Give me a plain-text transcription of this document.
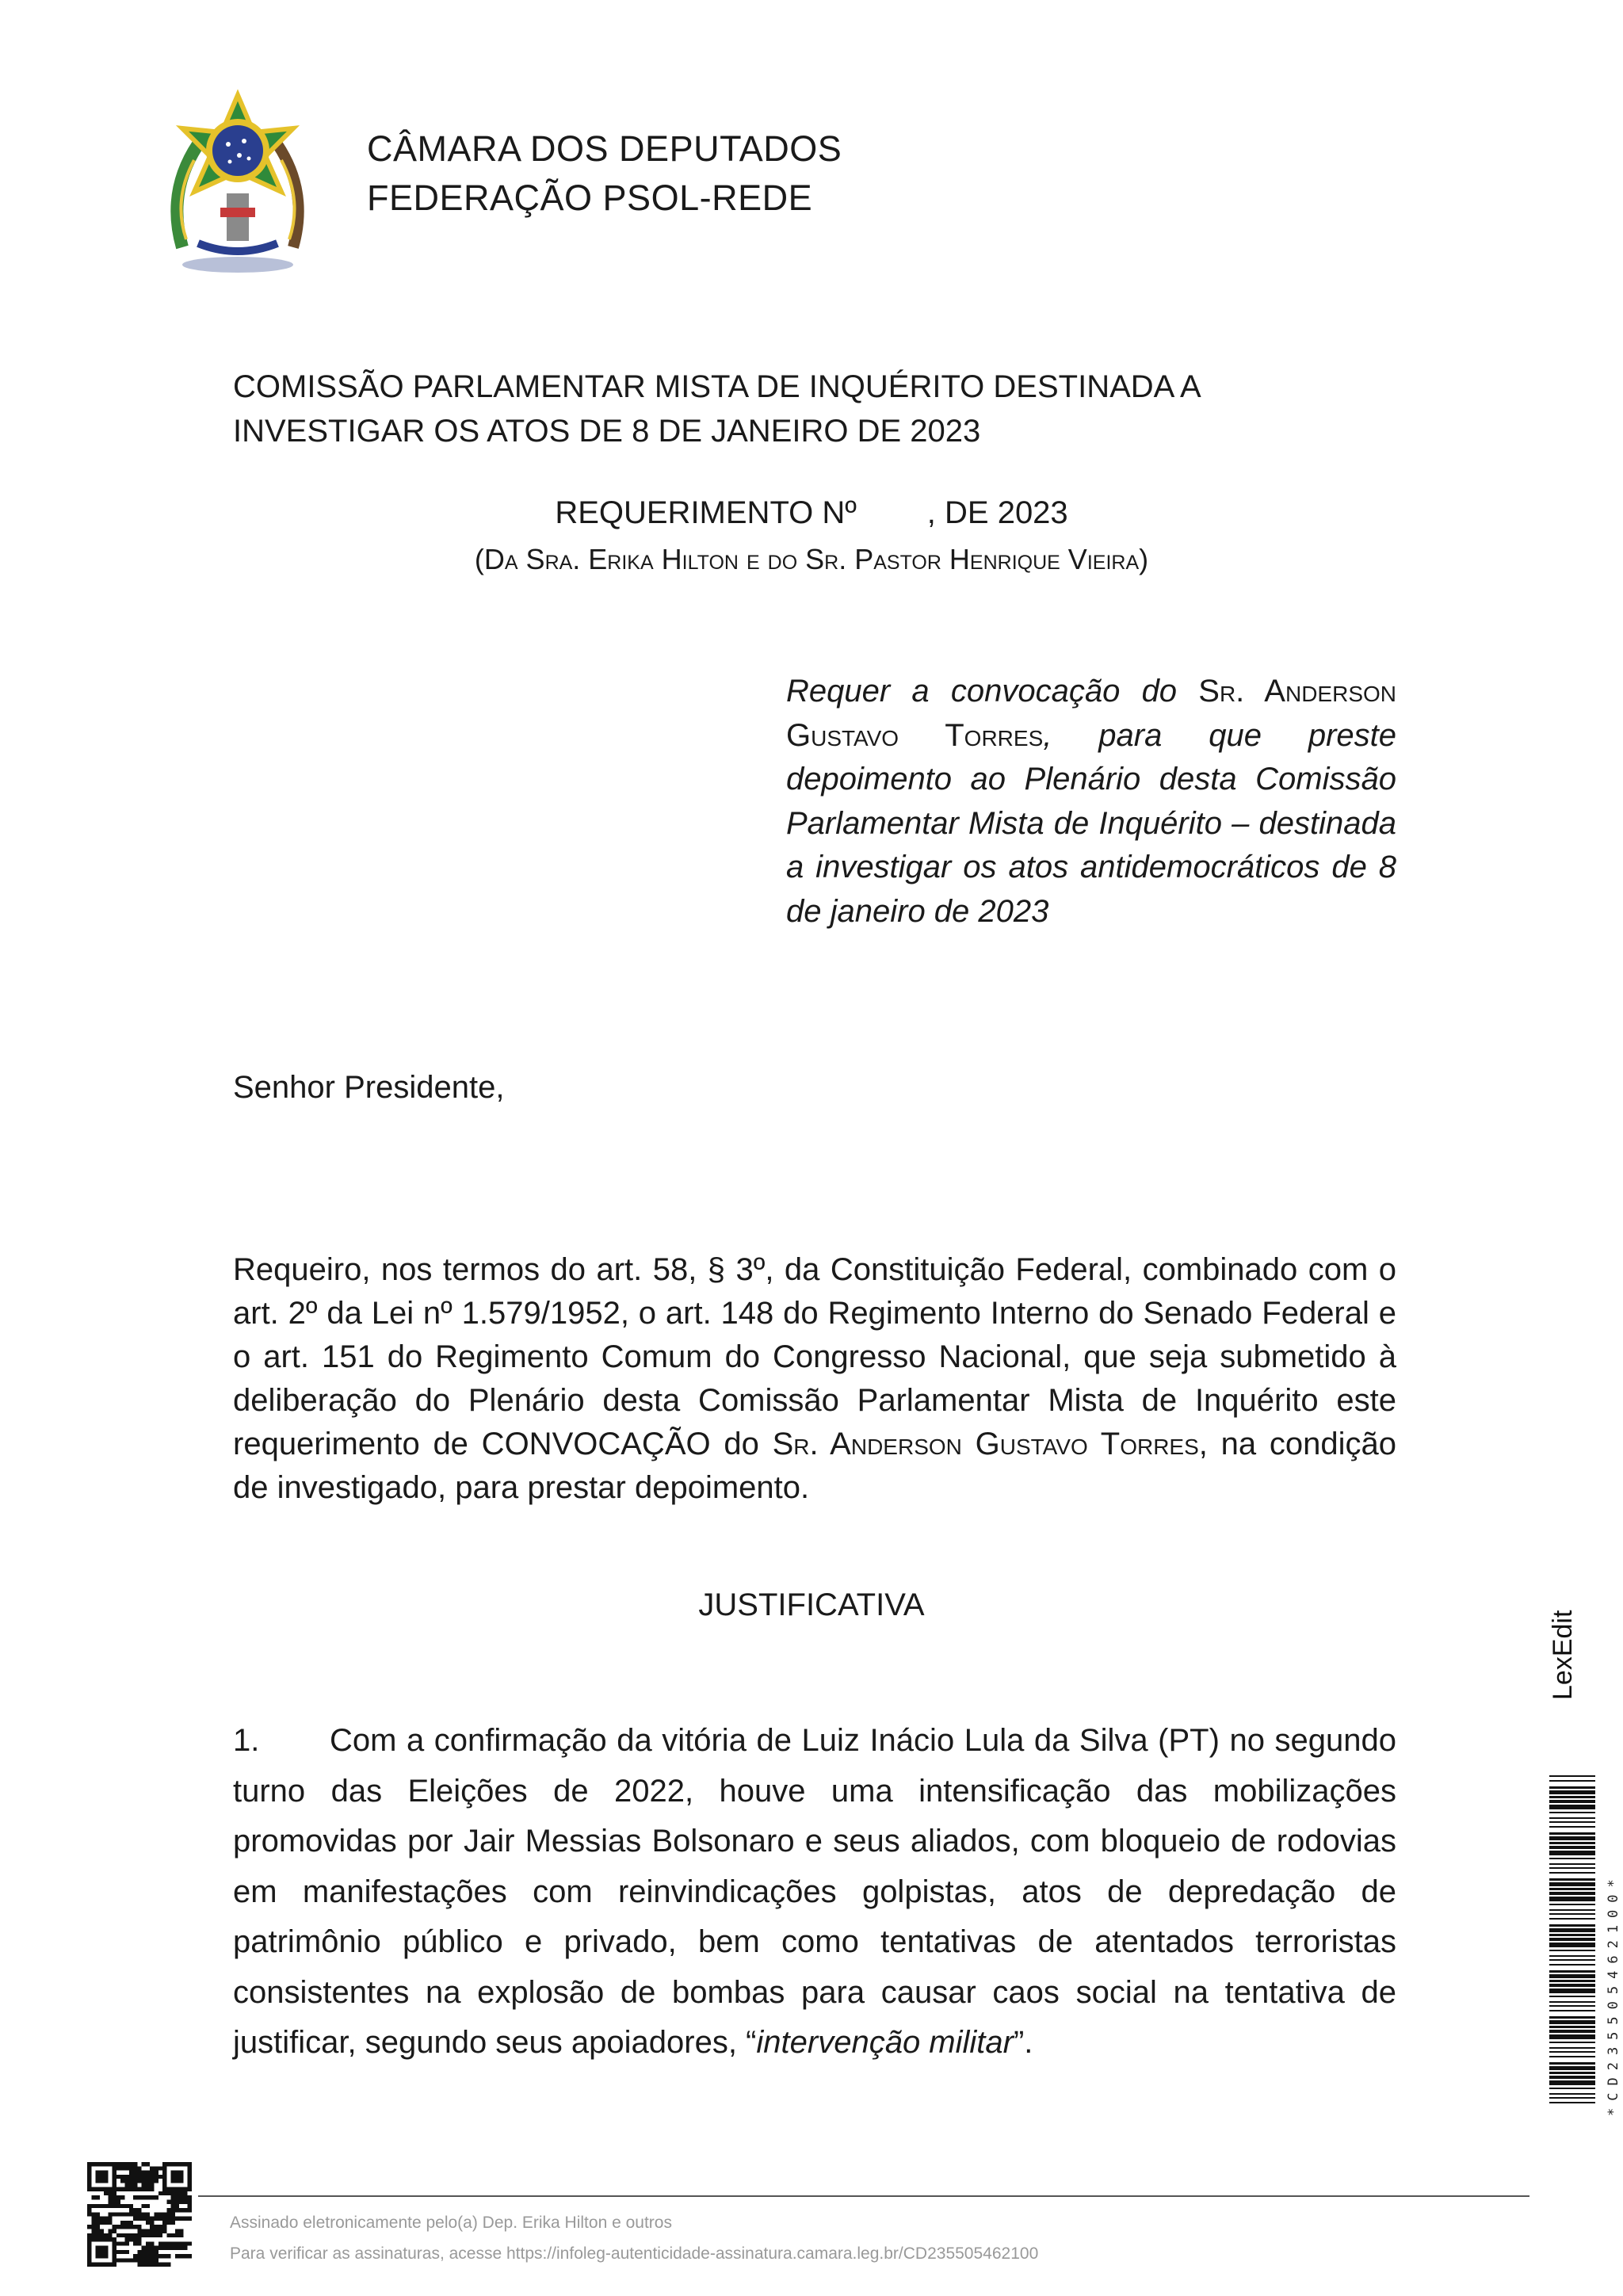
CÂMARA DOS DEPUTADOS
FEDERAÇÃO PSOL-REDE
COMISSÃO PARLAMENTAR MISTA DE INQUÉRITO DESTINADA A INVESTIGAR OS ATOS DE 8 DE JANEIRO DE 2023
REQUERIMENTO Nº        , DE 2023
(Da Sra. Erika Hilton e do Sr. Pastor Henrique Vieira)
Requer a convocação do Sr. Anderson Gustavo Torres, para que preste depoimento ao Plenário desta Comissão Parlamentar Mista de Inquérito – destinada a investigar os atos antidemocráticos de 8 de janeiro de 2023
Senhor Presidente,
Requeiro, nos termos do art. 58, § 3º, da Constituição Federal, combinado com o art. 2º da Lei nº 1.579/1952, o art. 148 do Regimento Interno do Senado Federal e o art. 151 do Regimento Comum do Congresso Nacional, que seja submetido à deliberação do Plenário desta Comissão Parlamentar Mista de Inquérito este requerimento de CONVOCAÇÃO do Sr. Anderson Gustavo Torres, na condição de investigado, para prestar depoimento.
JUSTIFICATIVA
1. Com a confirmação da vitória de Luiz Inácio Lula da Silva (PT) no segundo turno das Eleições de 2022, houve uma intensificação das mobilizações promovidas por Jair Messias Bolsonaro e seus aliados, com bloqueio de rodovias em manifestações com reinvindicações golpistas, atos de depredação de patrimônio público e privado, bem como tentativas de atentados terroristas consistentes na explosão de bombas para causar caos social na tentativa de justificar, segundo seus apoiadores, “intervenção militar”.
LexEdit
*CD235505462100*
Assinado eletronicamente pelo(a) Dep. Erika Hilton e outros
Para verificar as assinaturas, acesse https://infoleg-autenticidade-assinatura.camara.leg.br/CD235505462100
